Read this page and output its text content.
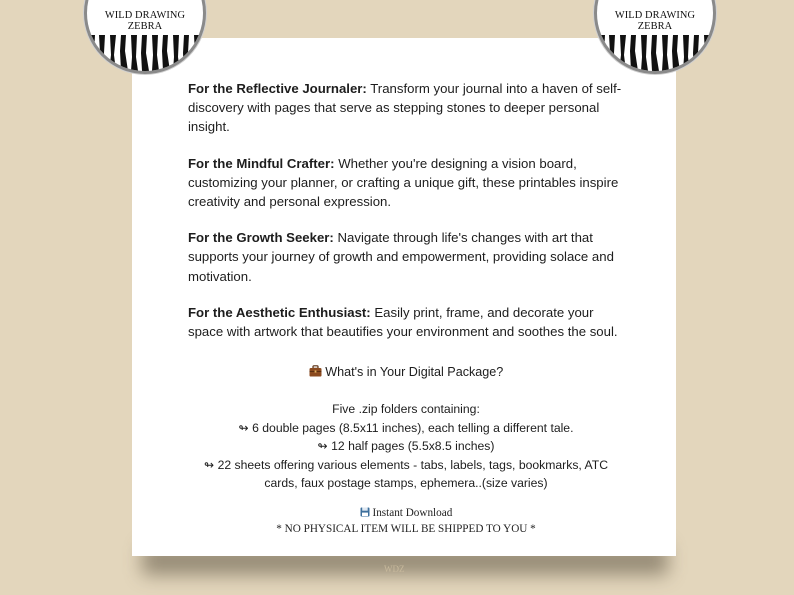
For the Reflective Journaler: Transform your journal into a haven of self-discovery with pages that serve as stepping stones to deeper personal insight.

For the Mindful Crafter: Whether you're designing a vision board, customizing your planner, or crafting a unique gift, these printables inspire creativity and personal expression.

For the Growth Seeker: Navigate through life's changes with art that supports your journey of growth and empowerment, providing solace and motivation.

For the Aesthetic Enthusiast: Easily print, frame, and decorate your space with artwork that beautifies your environment and soothes the soul.

What's in Your Digital Package?
Five .zip folders containing:
↬ 6 double pages (8.5x11 inches), each telling a different tale.
↬ 12 half pages (5.5x8.5 inches)
↬ 22 sheets offering various elements - tabs, labels, tags, bookmarks, ATC cards, faux postage stamps, ephemera..(size varies)
Instant Download
* NO PHYSICAL ITEM WILL BE SHIPPED TO YOU *
WILD DRAWING ZEBRA
WILD DRAWING ZEBRA
WDZ
